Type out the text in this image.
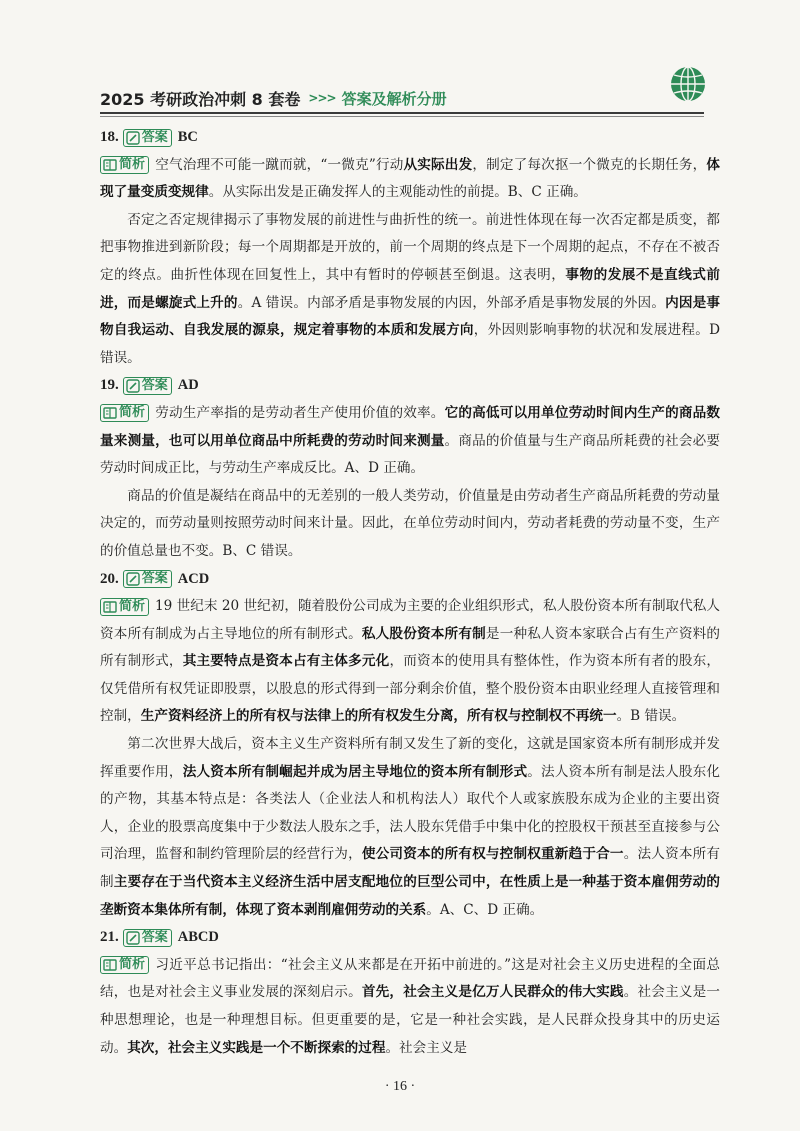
2025 考研政治冲刺 8 套卷 >>> 答案及解析分册
18. 答案 BC

简析 空气治理不可能一蹴而就，“一微克”行动从实际出发，制定了每次抠一个微克的长期任务，体现了量变质变规律。从实际出发是正确发挥人的主观能动性的前提。B、C 正确。

否定之否定规律揭示了事物发展的前进性与曲折性的统一。前进性体现在每一次否定都是质变，都把事物推进到新阶段；每一个周期都是开放的，前一个周期的终点是下一个周期的起点，不存在不被否定的终点。曲折性体现在回复性上，其中有暂时的停顿甚至倒退。这表明，事物的发展不是直线式前进，而是螺旋式上升的。A 错误。内部矛盾是事物发展的内因，外部矛盾是事物发展的外因。内因是事物自我运动、自我发展的源泉，规定着事物的本质和发展方向，外因则影响事物的状况和发展进程。D 错误。

19. 答案 AD

简析 劳动生产率指的是劳动者生产使用价值的效率。它的高低可以用单位劳动时间内生产的商品数量来测量，也可以用单位商品中所耗费的劳动时间来测量。商品的价值量与生产商品所耗费的社会必要劳动时间成正比，与劳动生产率成反比。A、D 正确。

商品的价值是凝结在商品中的无差别的一般人类劳动，价值量是由劳动者生产商品所耗费的劳动量决定的，而劳动量则按照劳动时间来计量。因此，在单位劳动时间内，劳动者耗费的劳动量不变，生产的价值总量也不变。B、C 错误。

20. 答案 ACD

简析 19 世纪末 20 世纪初，随着股份公司成为主要的企业组织形式，私人股份资本所有制取代私人资本所有制成为占主导地位的所有制形式。私人股份资本所有制是一种私人资本家联合占有生产资料的所有制形式，其主要特点是资本占有主体多元化，而资本的使用具有整体性，作为资本所有者的股东，仅凭借所有权凭证即股票，以股息的形式得到一部分剩余价值，整个股份资本由职业经理人直接管理和控制，生产资料经济上的所有权与法律上的所有权发生分离，所有权与控制权不再统一。B 错误。

第二次世界大战后，资本主义生产资料所有制又发生了新的变化，这就是国家资本所有制形成并发挥重要作用，法人资本所有制崛起并成为居主导地位的资本所有制形式。法人资本所有制是法人股东化的产物，其基本特点是：各类法人（企业法人和机构法人）取代个人或家族股东成为企业的主要出资人，企业的股票高度集中于少数法人股东之手，法人股东凭借手中集中化的控股权干预甚至直接参与公司治理，监督和制约管理阶层的经营行为，使公司资本的所有权与控制权重新趋于合一。法人资本所有制主要存在于当代资本主义经济生活中居支配地位的巨型公司中，在性质上是一种基于资本雇佣劳动的垄断资本集体所有制，体现了资本剥削雇佣劳动的关系。A、C、D 正确。

21. 答案 ABCD

简析 习近平总书记指出：“社会主义从来都是在开拓中前进的。”这是对社会主义历史进程的全面总结，也是对社会主义事业发展的深刻启示。首先，社会主义是亿万人民群众的伟大实践。社会主义是一种思想理论，也是一种理想目标。但更重要的是，它是一种社会实践，是人民群众投身其中的历史运动。其次，社会主义实践是一个不断探索的过程。社会主义是

· 16 ·
